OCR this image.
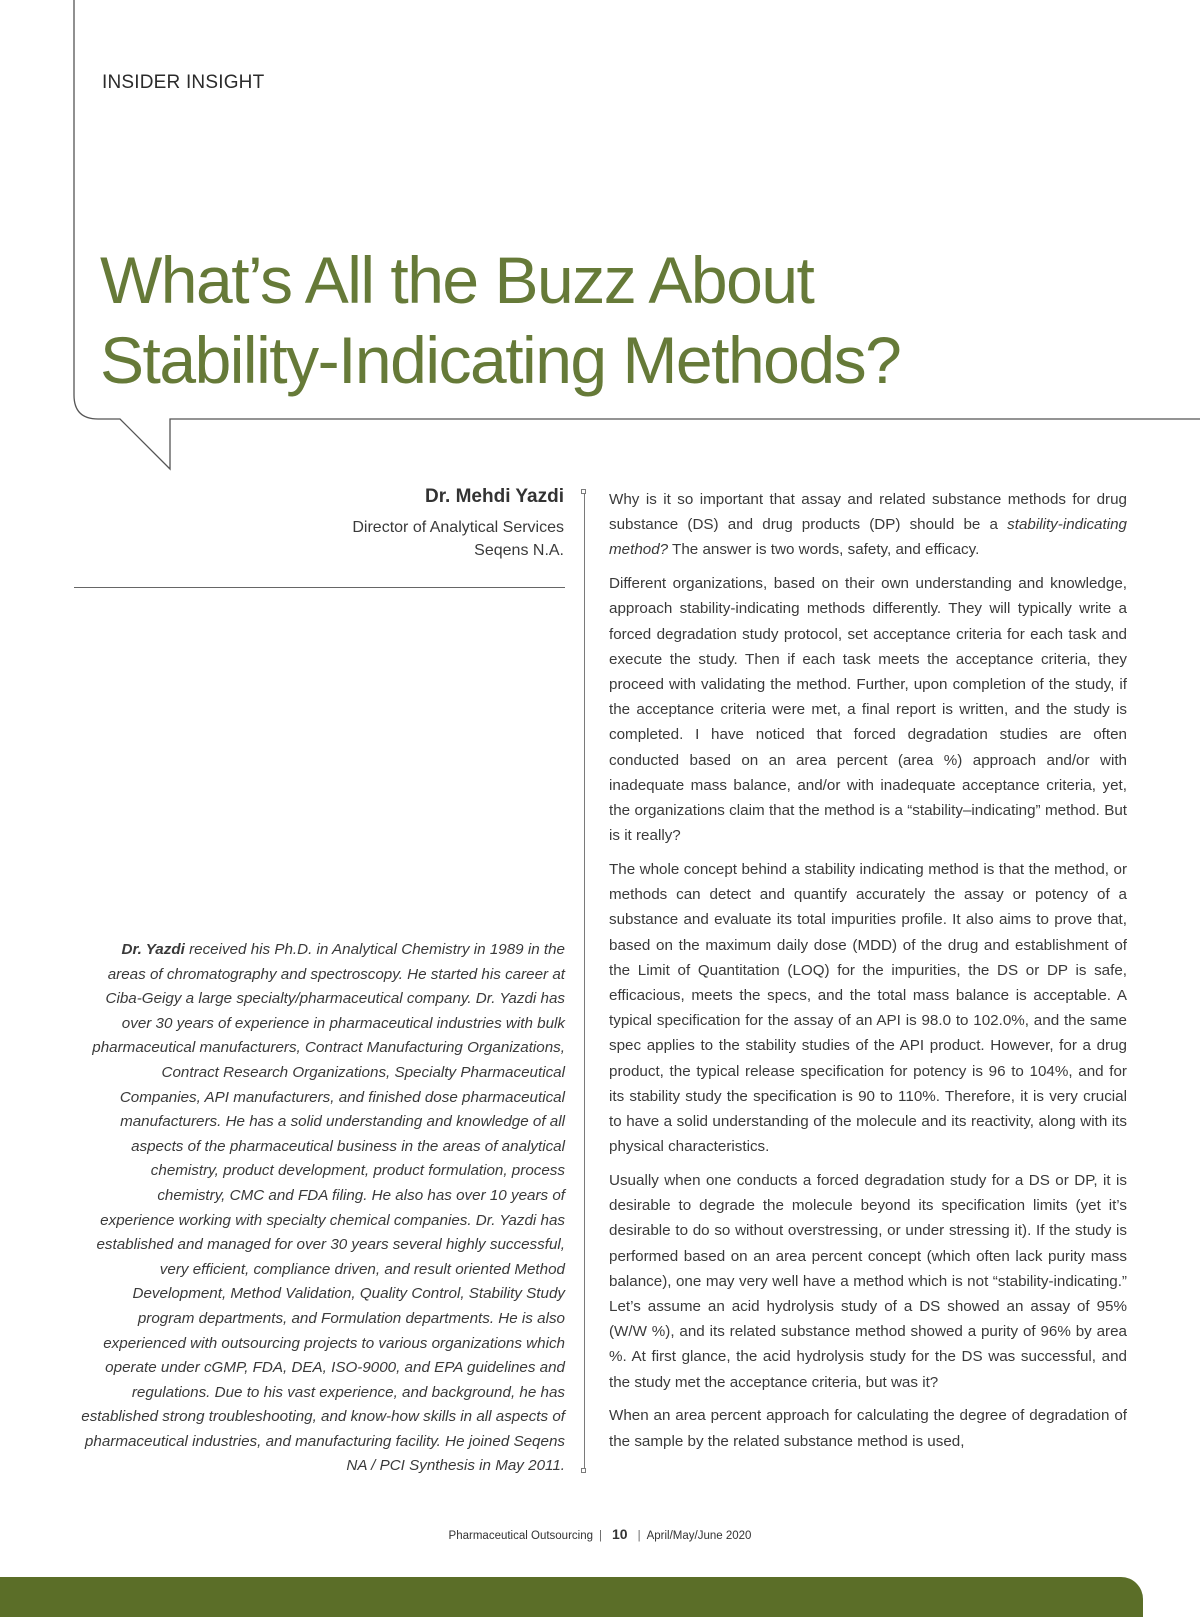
INSIDER INSIGHT
What’s All the Buzz About
Stability-Indicating Methods?
Dr. Mehdi Yazdi
Director of Analytical Services
Seqens N.A.

Dr. Yazdi received his Ph.D. in Analytical Chemistry in 1989 in the areas of chromatography and spectroscopy. He started his career at Ciba-Geigy a large specialty/pharmaceutical company. Dr. Yazdi has over 30 years of experience in pharmaceutical industries with bulk pharmaceutical manufacturers, Contract Manufacturing Organizations, Contract Research Organizations, Specialty Pharmaceutical Companies, API manufacturers, and finished dose pharmaceutical manufacturers. He has a solid understanding and knowledge of all aspects of the pharmaceutical business in the areas of analytical chemistry, product development, product formulation, process chemistry, CMC and FDA filing. He also has over 10 years of experience working with specialty chemical companies. Dr. Yazdi has established and managed for over 30 years several highly successful, very efficient, compliance driven, and result oriented Method Development, Method Validation, Quality Control, Stability Study program departments, and Formulation departments. He is also experienced with outsourcing projects to various organizations which operate under cGMP, FDA, DEA, ISO-9000, and EPA guidelines and regulations. Due to his vast experience, and background, he has established strong troubleshooting, and know-how skills in all aspects of pharmaceutical industries, and manufacturing facility. He joined Seqens NA / PCI Synthesis in May 2011.

Why is it so important that assay and related substance methods for drug substance (DS) and drug products (DP) should be a stability-indicating method? The answer is two words, safety, and efficacy.

Different organizations, based on their own understanding and knowledge, approach stability-indicating methods differently. They will typically write a forced degradation study protocol, set acceptance criteria for each task and execute the study. Then if each task meets the acceptance criteria, they proceed with validating the method. Further, upon completion of the study, if the acceptance criteria were met, a final report is written, and the study is completed. I have noticed that forced degradation studies are often conducted based on an area percent (area %) approach and/or with inadequate mass balance, and/or with inadequate acceptance criteria, yet, the organizations claim that the method is a “stability–indicating” method. But is it really?

The whole concept behind a stability indicating method is that the method, or methods can detect and quantify accurately the assay or potency of a substance and evaluate its total impurities profile. It also aims to prove that, based on the maximum daily dose (MDD) of the drug and establishment of the Limit of Quantitation (LOQ) for the impurities, the DS or DP is safe, efficacious, meets the specs, and the total mass balance is acceptable. A typical specification for the assay of an API is 98.0 to 102.0%, and the same spec applies to the stability studies of the API product. However, for a drug product, the typical release specification for potency is 96 to 104%, and for its stability study the specification is 90 to 110%. Therefore, it is very crucial to have a solid understanding of the molecule and its reactivity, along with its physical characteristics.

Usually when one conducts a forced degradation study for a DS or DP, it is desirable to degrade the molecule beyond its specification limits (yet it’s desirable to do so without overstressing, or under stressing it). If the study is performed based on an area percent concept (which often lack purity mass balance), one may very well have a method which is not “stability-indicating.” Let’s assume an acid hydrolysis study of a DS showed an assay of 95% (W/W %), and its related substance method showed a purity of 96% by area %. At first glance, the acid hydrolysis study for the DS was successful, and the study met the acceptance criteria, but was it?

When an area percent approach for calculating the degree of degradation of the sample by the related substance method is used,

Pharmaceutical Outsourcing | 10 | April/May/June 2020
